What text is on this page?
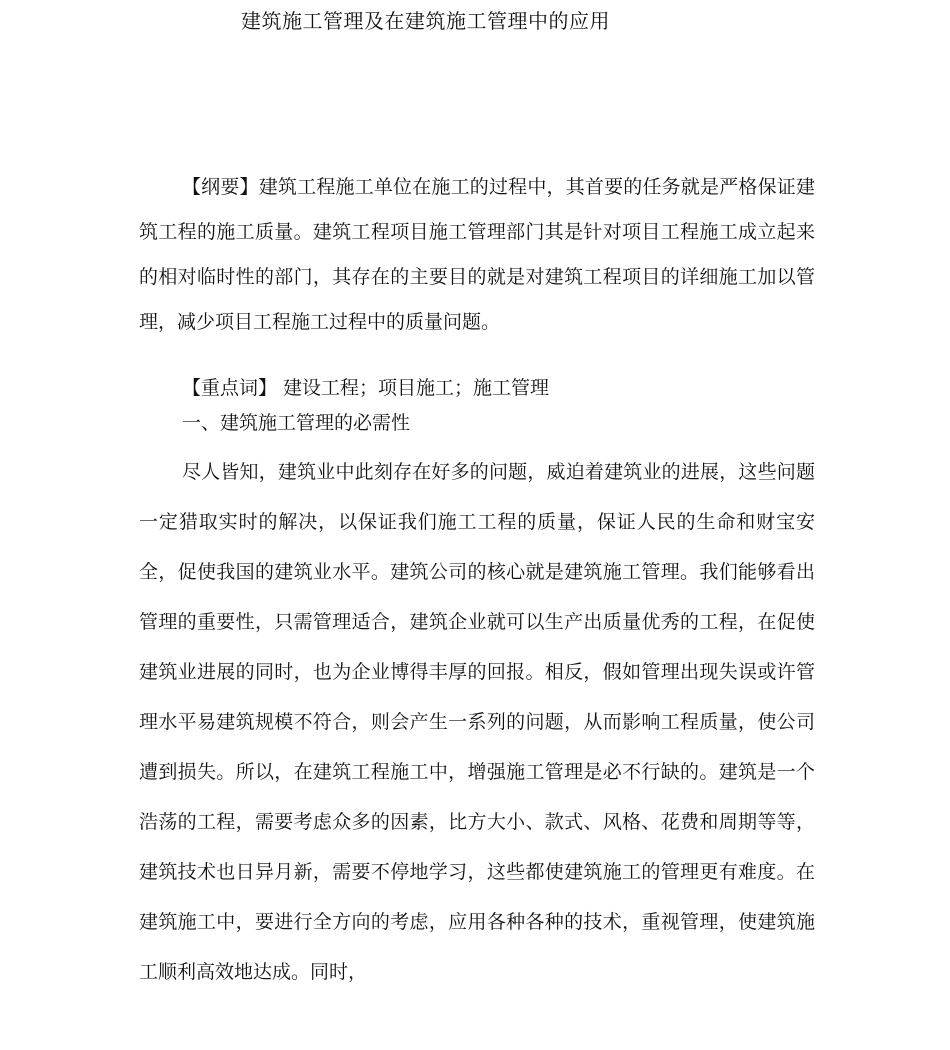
建筑施工管理及在建筑施工管理中的应用

【纲要】建筑工程施工单位在施工的过程中，其首要的任务就是严格保证建筑工程的施工质量。建筑工程项目施工管理部门其是针对项目工程施工成立起来的相对临时性的部门，其存在的主要目的就是对建筑工程项目的详细施工加以管理，减少项目工程施工过程中的质量问题。

【重点词】 建设工程；项目施工；施工管理

一、建筑施工管理的必需性

尽人皆知，建筑业中此刻存在好多的问题，威迫着建筑业的进展，这些问题一定猎取实时的解决，以保证我们施工工程的质量，保证人民的生命和财宝安全，促使我国的建筑业水平。建筑公司的核心就是建筑施工管理。我们能够看出管理的重要性，只需管理适合，建筑企业就可以生产出质量优秀的工程，在促使建筑业进展的同时，也为企业博得丰厚的回报。相反，假如管理出现失误或许管理水平易建筑规模不符合，则会产生一系列的问题，从而影响工程质量，使公司遭到损失。所以，在建筑工程施工中，增强施工管理是必不行缺的。建筑是一个浩荡的工程，需要考虑众多的因素，比方大小、款式、风格、花费和周期等等，建筑技术也日异月新，需要不停地学习，这些都使建筑施工的管理更有难度。在建筑施工中，要进行全方向的考虑，应用各种各种的技术，重视管理，使建筑施工顺利高效地达成。同时，
